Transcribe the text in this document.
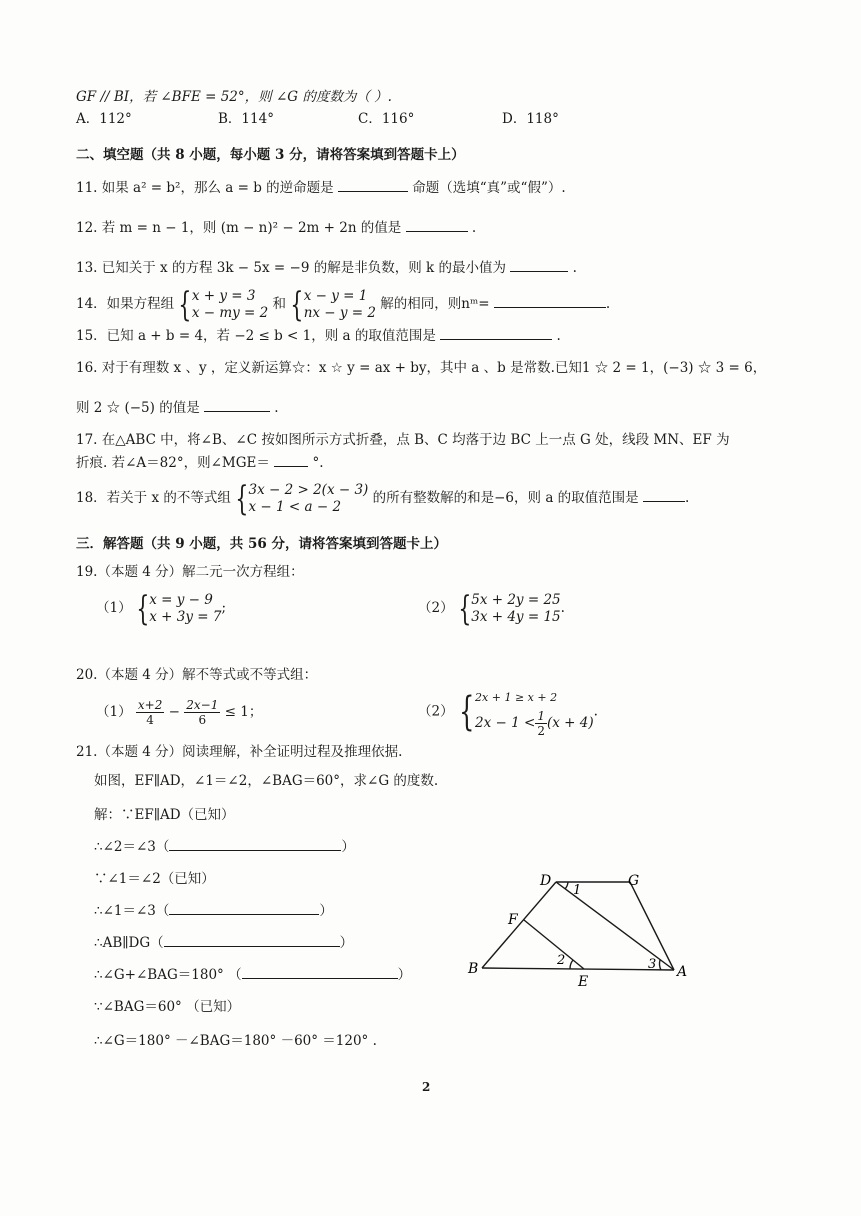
GF // BI，若 ∠BFE = 52°，则 ∠G 的度数为（ ）.
A．112°	B．114°	C．116°	D．118°
二、填空题（共 8 小题，每小题 3 分，请将答案填到答题卡上）
11. 如果 a² = b²，那么 a = b 的逆命题是	命题（选填“真”或“假”）.
12. 若 m = n − 1，则 (m − n)² − 2m + 2n 的值是	.
13. 已知关于 x 的方程 3k − 5x = −9 的解是非负数，则 k 的最小值为	.
14．如果方程组 {x + y = 3
x − my = 2 和 {x − y = 1
nx − y = 2 解的相同，则nᵐ=	.
15．已知 a + b = 4，若 −2 ≤ b < 1，则 a 的取值范围是	.
16. 对于有理数 x 、y ，定义新运算☆：x ☆ y = ax + by，其中 a 、b 是常数.已知1 ☆ 2 = 1，(−3) ☆ 3 = 6，
则 2 ☆ (−5) 的值是	.
17. 在△ABC 中，将∠B、∠C 按如图所示方式折叠，点 B、C 均落于边 BC 上一点 G 处，线段 MN、EF 为
折痕. 若∠A＝82°，则∠MGE＝	°.
18．若关于 x 的不等式组 {3x − 2 > 2(x − 3)
x − 1 < a − 2 的所有整数解的和是−6，则 a 的取值范围是	.
三．解答题（共 9 小题，共 56 分，请将答案填到答题卡上）
19.（本题 4 分）解二元一次方程组：
（1） {x = y − 9
x + 3y = 7;	（2） {5x + 2y = 25
3x + 4y = 15.
20.（本题 4 分）解不等式或不等式组：
$(1) \frac{x+2}{4} - \frac{2x-1}{6} \le 1$；	（2） {2x + 1 ≥ x + 2
$2x - 1 < \frac{1}{2} (x + 4)$.
21.（本题 4 分）阅读理解，补全证明过程及推理依据.
如图，EF∥AD，∠1＝∠2，∠BAG＝60°，求∠G 的度数.
解：∵EF∥AD（已知）
∴∠2＝∠3（	）
∵∠1＝∠2（已知）
∴∠1＝∠3（	）
∴AB∥DG（	）
∴∠G+∠BAG＝180° （	）
∵∠BAG＝60° （已知）
∴∠G＝180° －∠BAG＝180° －60° ＝120° .
D	G
F
B
E
A
1
2	3
2
